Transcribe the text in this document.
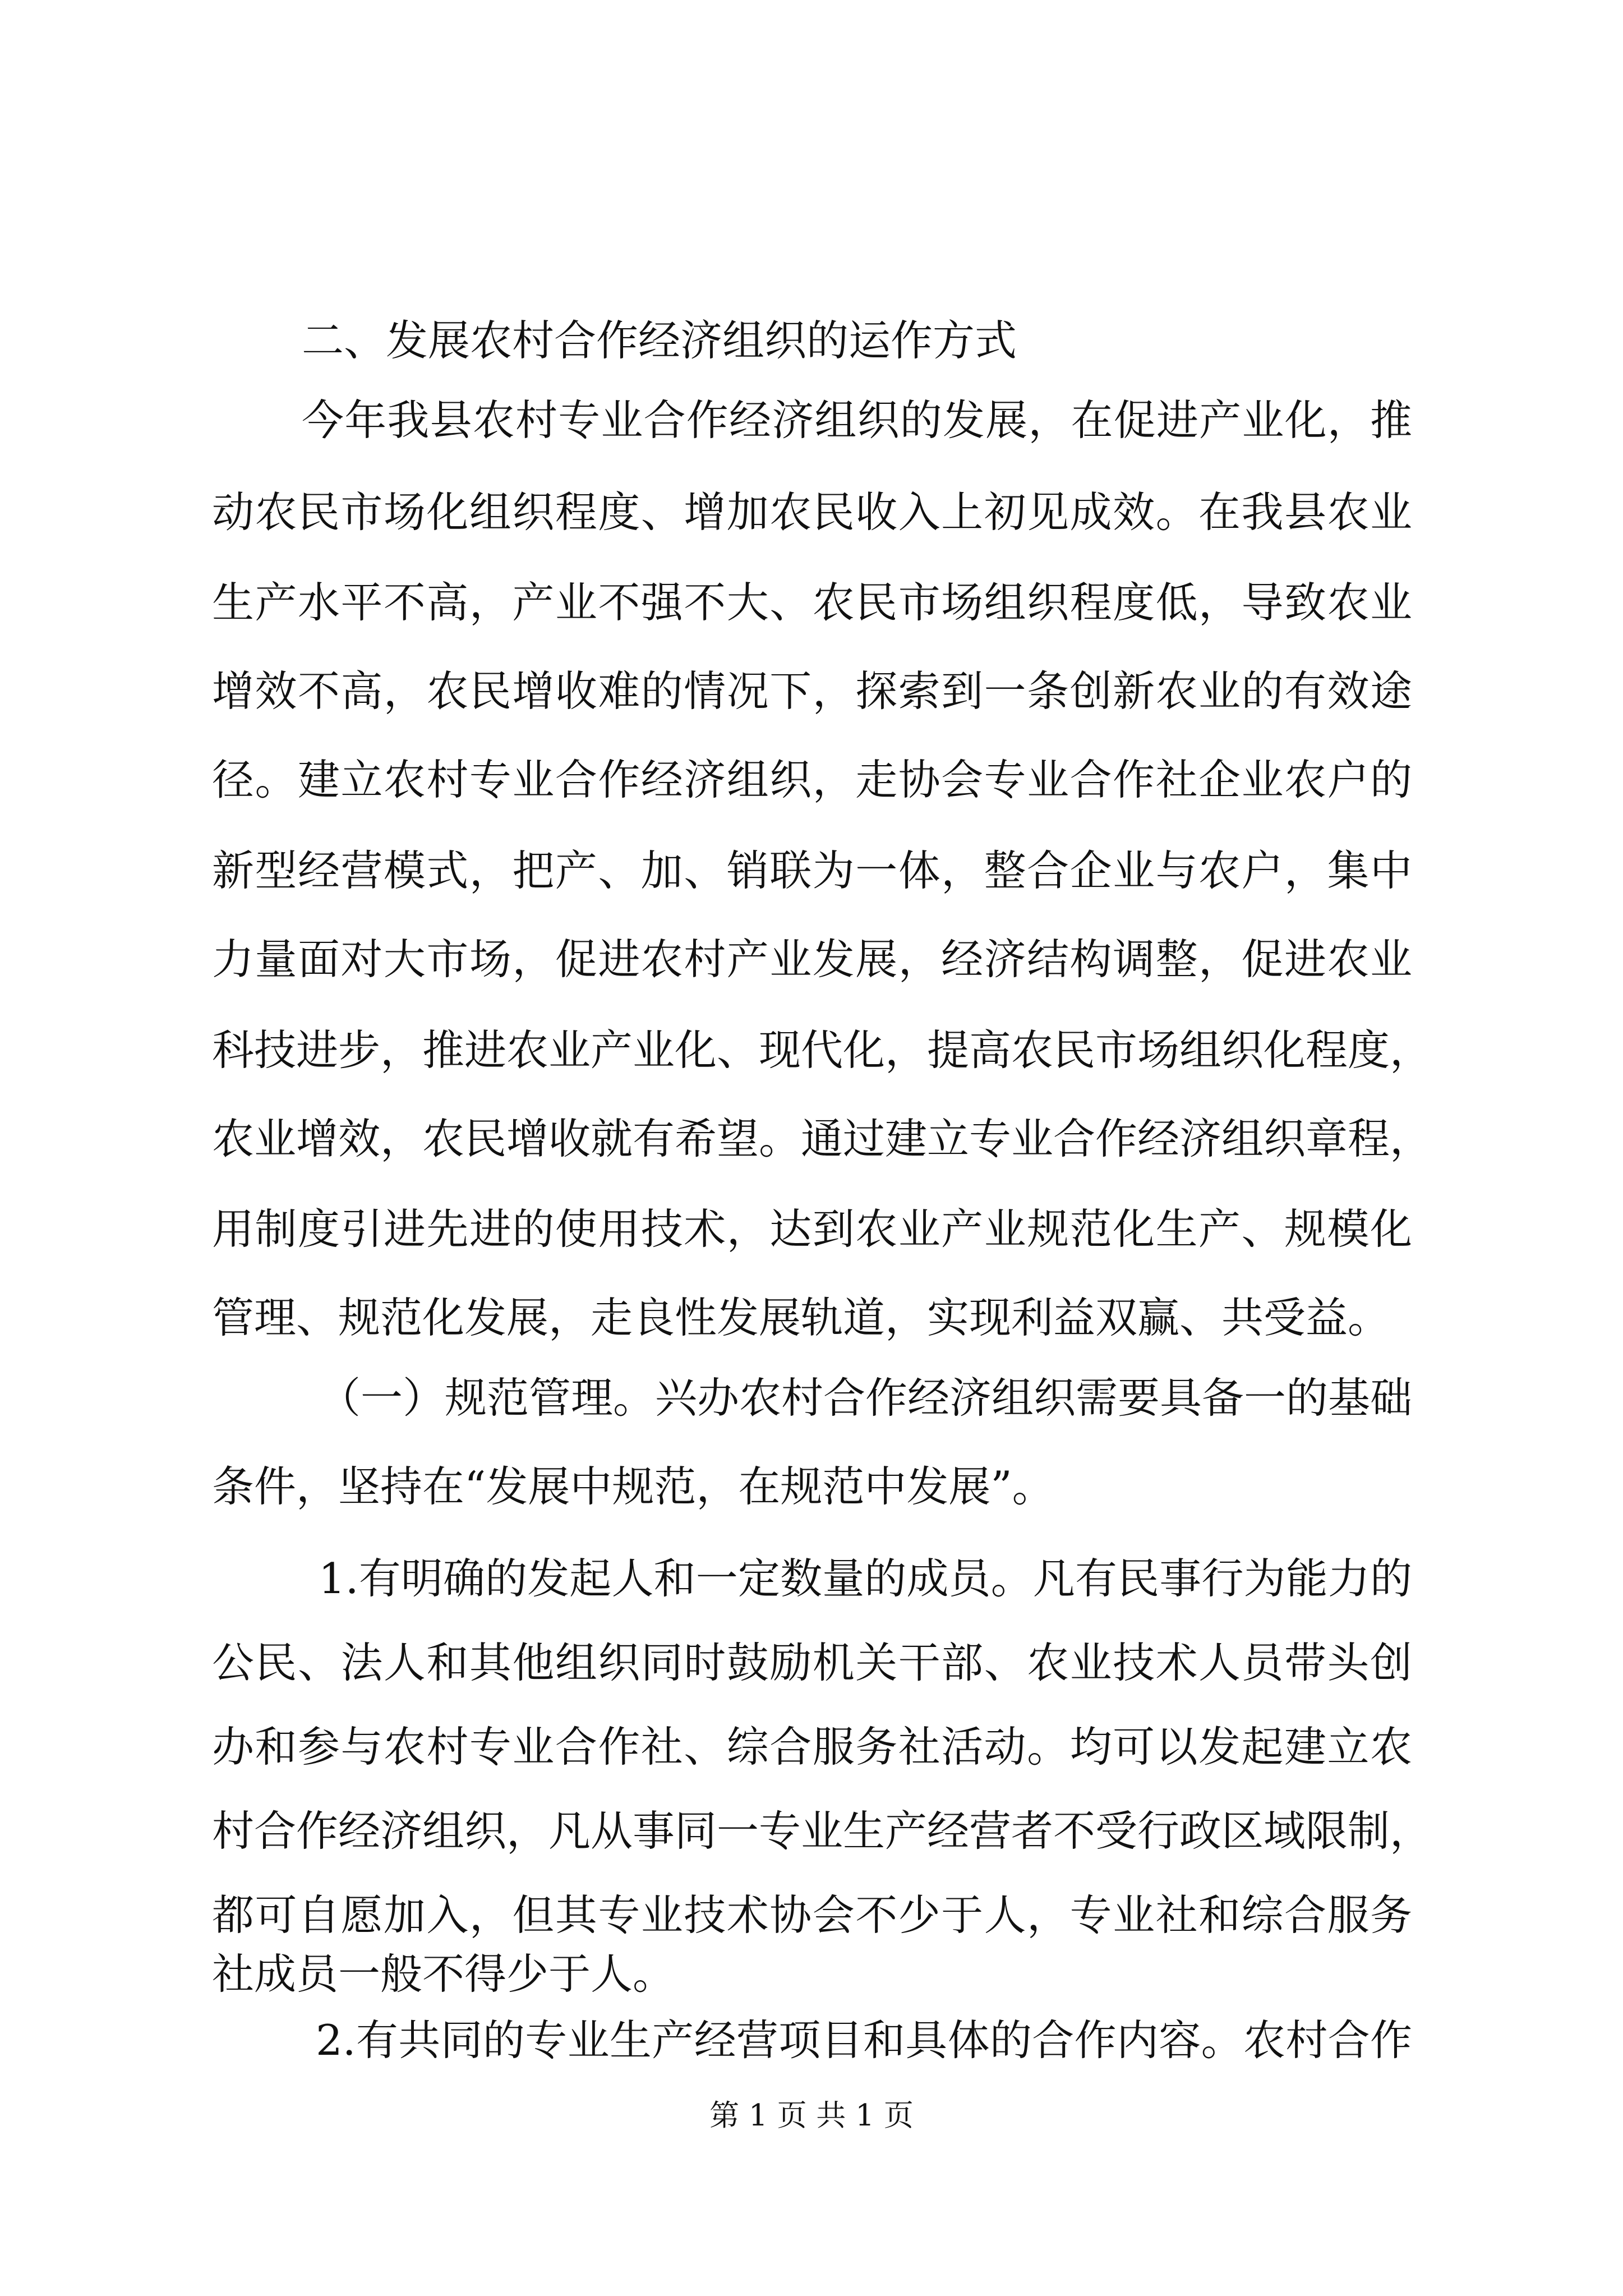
二、发展农村合作经济组织的运作方式
今年我县农村专业合作经济组织的发展，在促进产业化，推
动农民市场化组织程度、增加农民收入上初见成效。在我县农业
生产水平不高，产业不强不大、农民市场组织程度低，导致农业
增效不高，农民增收难的情况下，探索到一条创新农业的有效途
径。建立农村专业合作经济组织，走协会专业合作社企业农户的
新型经营模式，把产、加、销联为一体，整合企业与农户，集中
力量面对大市场，促进农村产业发展，经济结构调整，促进农业
科技进步，推进农业产业化、现代化，提高农民市场组织化程度，
农业增效，农民增收就有希望。通过建立专业合作经济组织章程，
用制度引进先进的使用技术，达到农业产业规范化生产、规模化
管理、规范化发展，走良性发展轨道，实现利益双赢、共受益。
（一）规范管理。兴办农村合作经济组织需要具备一的基础
条件，坚持在“发展中规范，在规范中发展”。
1.有明确的发起人和一定数量的成员。凡有民事行为能力的
公民、法人和其他组织同时鼓励机关干部、农业技术人员带头创
办和参与农村专业合作社、综合服务社活动。均可以发起建立农
村合作经济组织，凡从事同一专业生产经营者不受行政区域限制，
都可自愿加入，但其专业技术协会不少于人，专业社和综合服务
社成员一般不得少于人。
2.有共同的专业生产经营项目和具体的合作内容。农村合作
第 1 页 共 1 页
